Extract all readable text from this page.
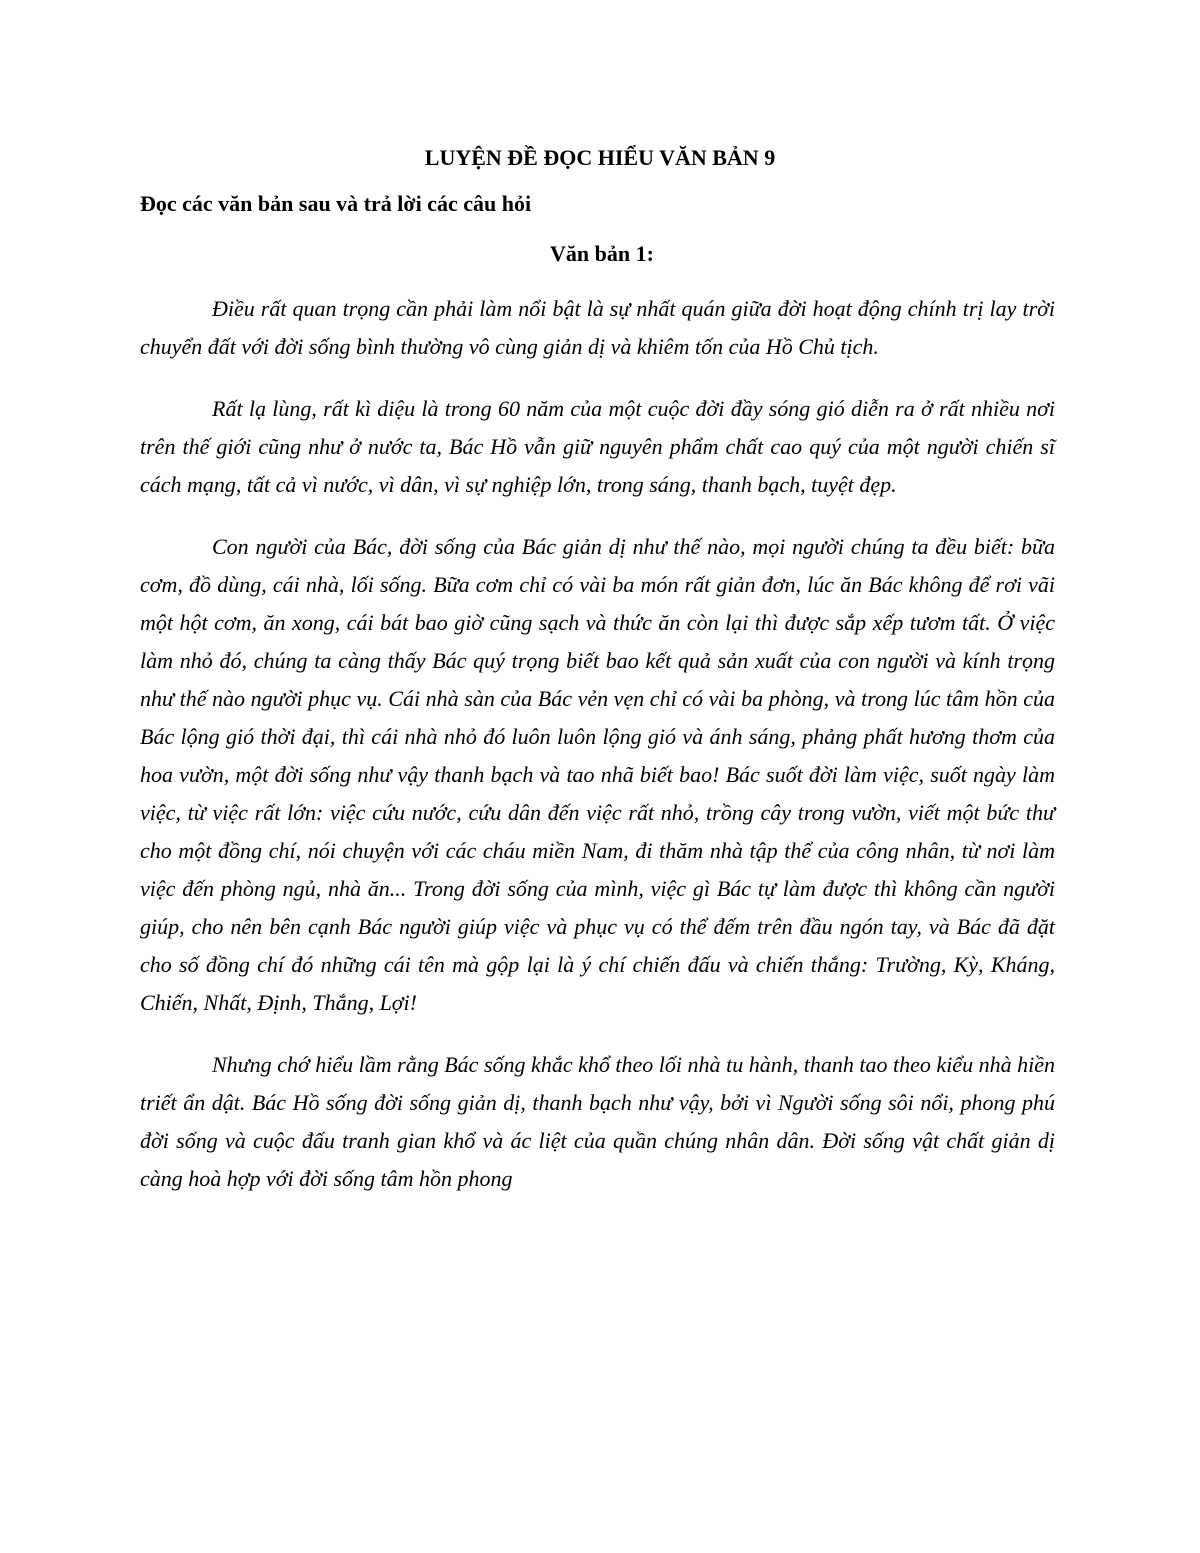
LUYỆN ĐỀ ĐỌC HIỂU VĂN BẢN 9

Đọc các văn bản sau và trả lời các câu hỏi

Văn bản 1:

Điều rất quan trọng cần phải làm nổi bật là sự nhất quán giữa đời hoạt động chính trị lay trời chuyển đất với đời sống bình thường vô cùng giản dị và khiêm tốn của Hồ Chủ tịch.

Rất lạ lùng, rất kì diệu là trong 60 năm của một cuộc đời đầy sóng gió diễn ra ở rất nhiều nơi trên thế giới cũng như ở nước ta, Bác Hồ vẫn giữ nguyên phẩm chất cao quý của một người chiến sĩ cách mạng, tất cả vì nước, vì dân, vì sự nghiệp lớn, trong sáng, thanh bạch, tuyệt đẹp.

Con người của Bác, đời sống của Bác giản dị như thế nào, mọi người chúng ta đều biết: bữa cơm, đồ dùng, cái nhà, lối sống. Bữa cơm chỉ có vài ba món rất giản đơn, lúc ăn Bác không để rơi vãi một hột cơm, ăn xong, cái bát bao giờ cũng sạch và thức ăn còn lại thì được sắp xếp tươm tất. Ở việc làm nhỏ đó, chúng ta càng thấy Bác quý trọng biết bao kết quả sản xuất của con người và kính trọng như thế nào người phục vụ. Cái nhà sàn của Bác vẻn vẹn chỉ có vài ba phòng, và trong lúc tâm hồn của Bác lộng gió thời đại, thì cái nhà nhỏ đó luôn luôn lộng gió và ánh sáng, phảng phất hương thơm của hoa vườn, một đời sống như vậy thanh bạch và tao nhã biết bao! Bác suốt đời làm việc, suốt ngày làm việc, từ việc rất lớn: việc cứu nước, cứu dân đến việc rất nhỏ, trồng cây trong vườn, viết một bức thư cho một đồng chí, nói chuyện với các cháu miền Nam, đi thăm nhà tập thể của công nhân, từ nơi làm việc đến phòng ngủ, nhà ăn... Trong đời sống của mình, việc gì Bác tự làm được thì không cần người giúp, cho nên bên cạnh Bác người giúp việc và phục vụ có thể đếm trên đầu ngón tay, và Bác đã đặt cho số đồng chí đó những cái tên mà gộp lại là ý chí chiến đấu và chiến thắng: Trường, Kỳ, Kháng, Chiến, Nhất, Định, Thắng, Lợi!

Nhưng chớ hiểu lầm rằng Bác sống khắc khổ theo lối nhà tu hành, thanh tao theo kiểu nhà hiền triết ẩn dật. Bác Hồ sống đời sống giản dị, thanh bạch như vậy, bởi vì Người sống sôi nổi, phong phú đời sống và cuộc đấu tranh gian khổ và ác liệt của quần chúng nhân dân. Đời sống vật chất giản dị càng hoà hợp với đời sống tâm hồn phong
